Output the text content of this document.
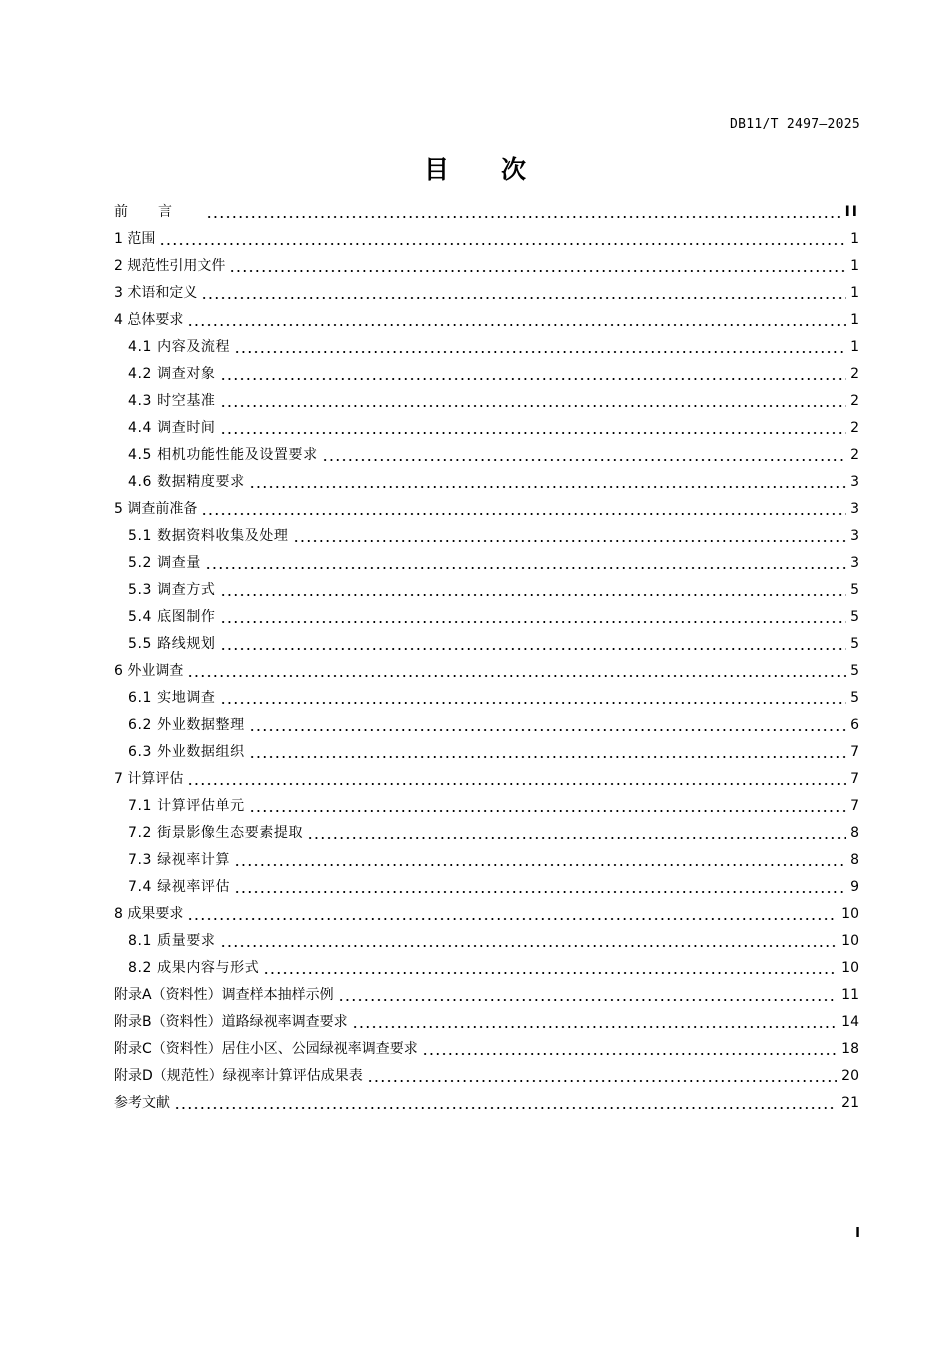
DB11/T 2497—2025
目 次
前言	II
1 范围	1
2 规范性引用文件	1
3 术语和定义	1
4 总体要求	1
4.1 内容及流程	1
4.2 调查对象	2
4.3 时空基准	2
4.4 调查时间	2
4.5 相机功能性能及设置要求	2
4.6 数据精度要求	3
5 调查前准备	3
5.1 数据资料收集及处理	3
5.2 调查量	3
5.3 调查方式	5
5.4 底图制作	5
5.5 路线规划	5
6 外业调查	5
6.1 实地调查	5
6.2 外业数据整理	6
6.3 外业数据组织	7
7 计算评估	7
7.1 计算评估单元	7
7.2 街景影像生态要素提取	8
7.3 绿视率计算	8
7.4 绿视率评估	9
8 成果要求	10
8.1 质量要求	10
8.2 成果内容与形式	10
附录A（资料性）调查样本抽样示例	11
附录B（资料性）道路绿视率调查要求	14
附录C（资料性）居住小区、公园绿视率调查要求	18
附录D（规范性）绿视率计算评估成果表	20
参考文献	21
I
